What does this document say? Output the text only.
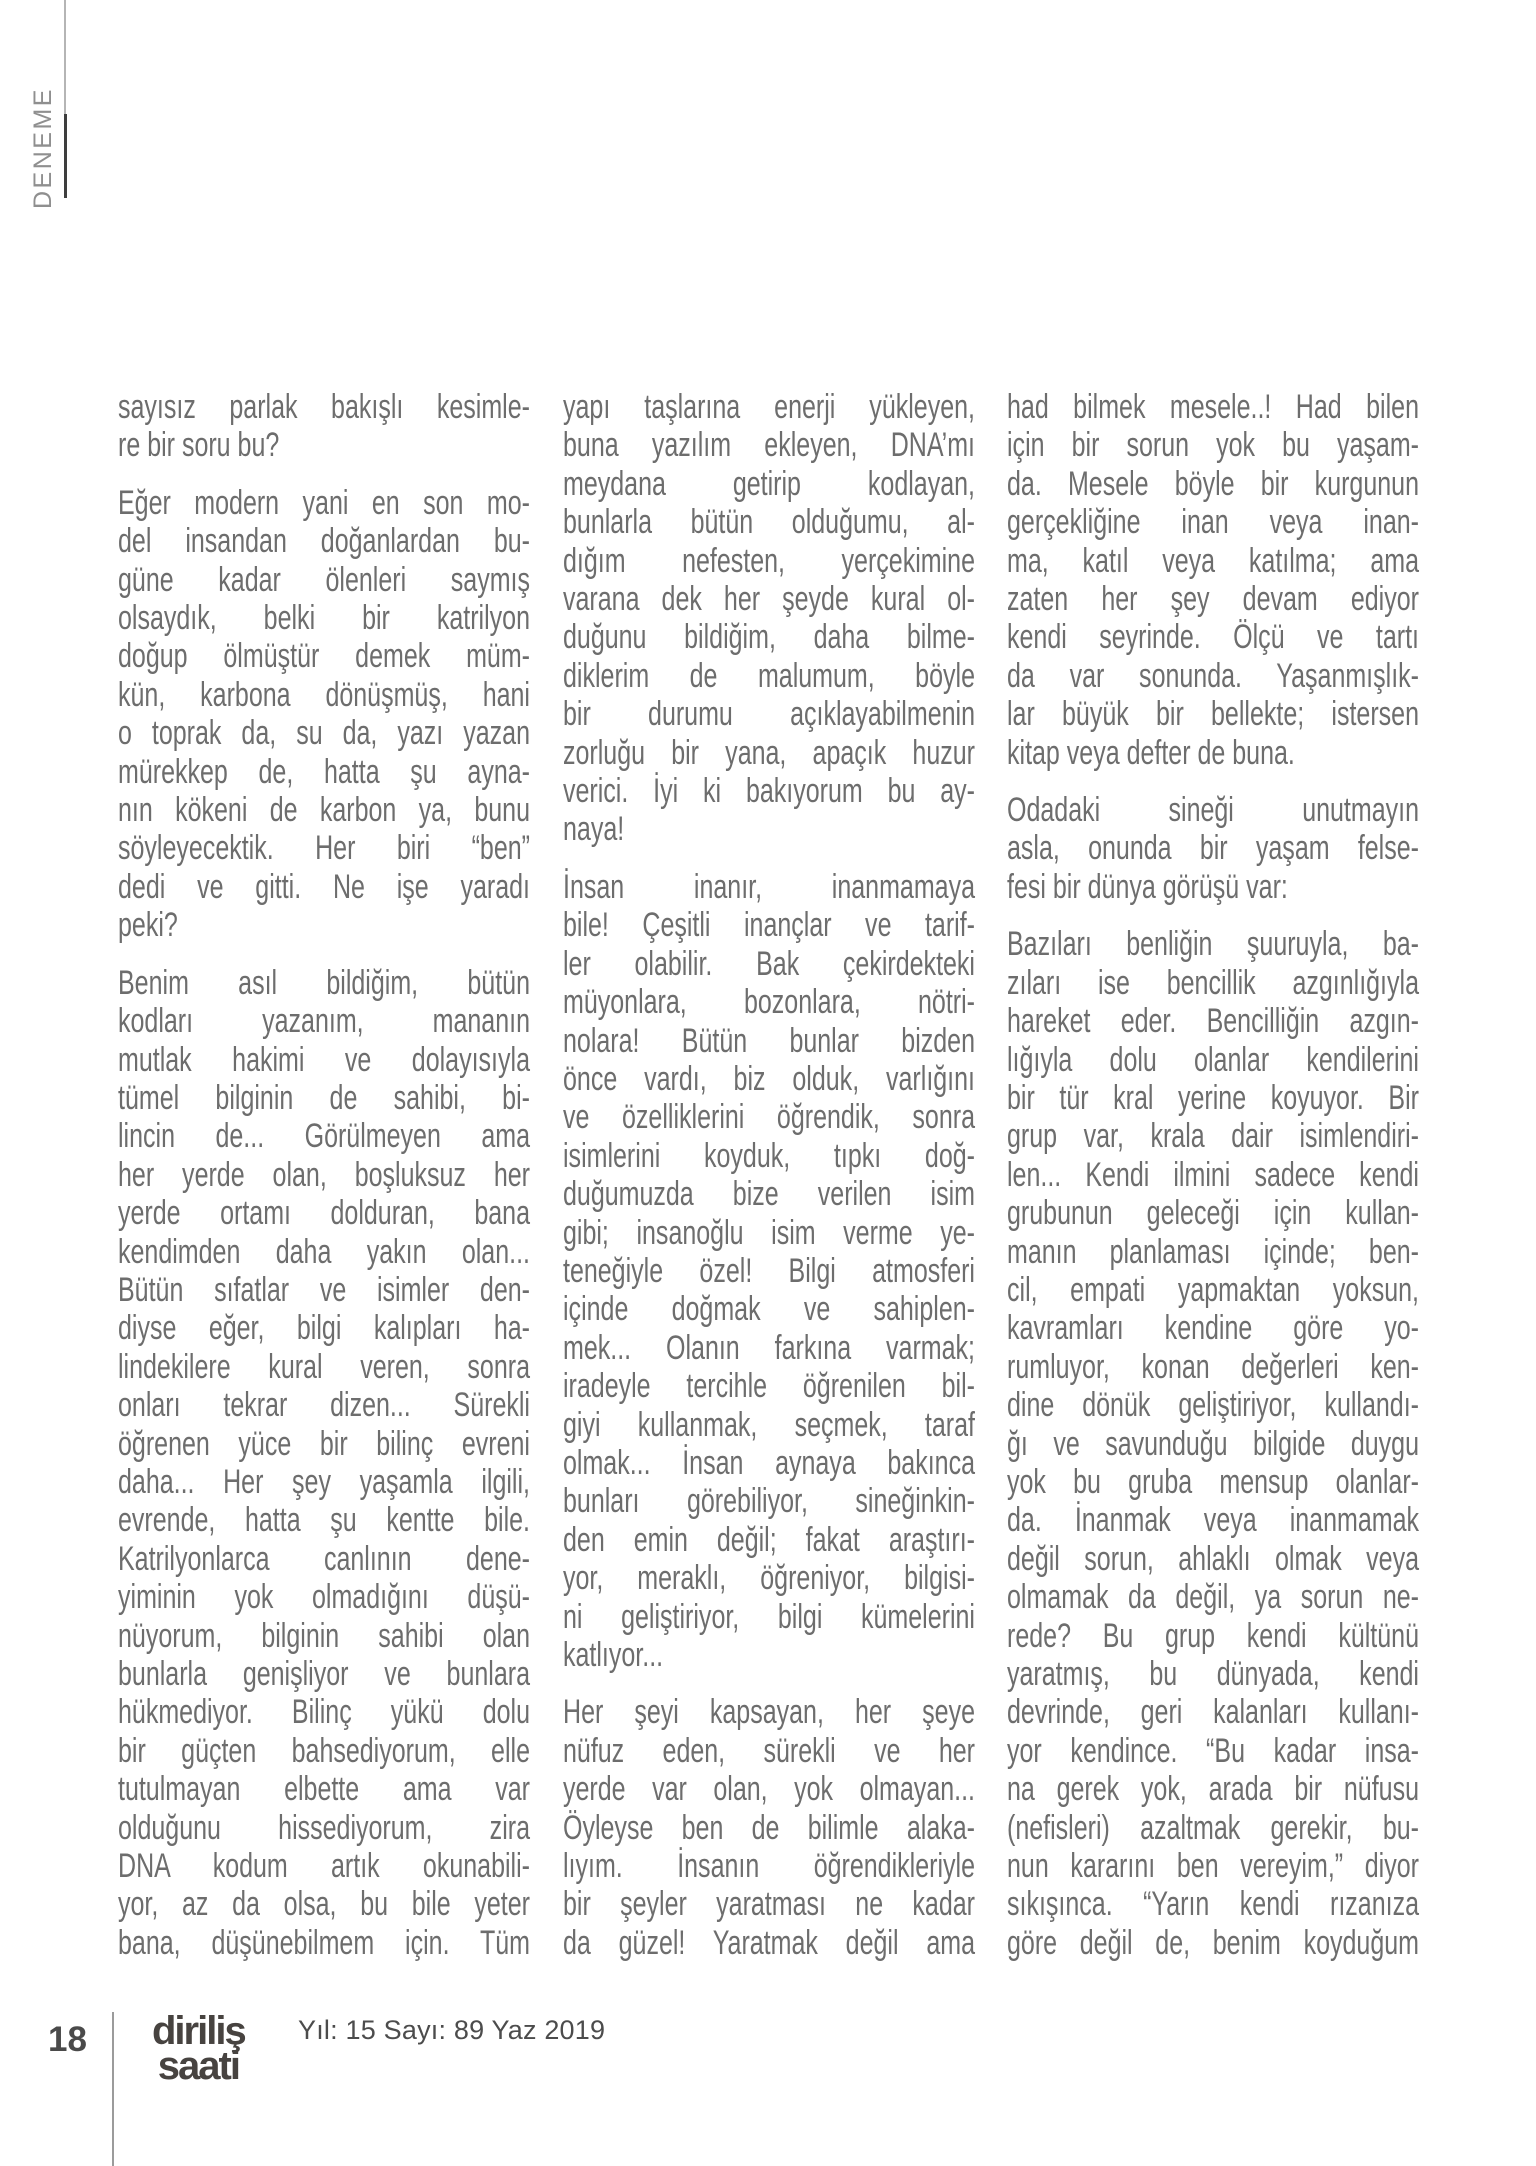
DENEME
sayısız parlak bakışlı kesimle-
re bir soru bu?
Eğer modern yani en son mo-
del insandan doğanlardan bu-
güne kadar ölenleri saymış
olsaydık, belki bir katrilyon
doğup ölmüştür demek müm-
kün, karbona dönüşmüş, hani
o toprak da, su da, yazı yazan
mürekkep de, hatta şu ayna-
nın kökeni de karbon ya, bunu
söyleyecektik. Her biri “ben”
dedi ve gitti. Ne işe yaradı
peki?
Benim asıl bildiğim, bütün
kodları yazanım, mananın
mutlak hakimi ve dolayısıyla
tümel bilginin de sahibi, bi-
lincin de... Görülmeyen ama
her yerde olan, boşluksuz her
yerde ortamı dolduran, bana
kendimden daha yakın olan...
Bütün sıfatlar ve isimler den-
diyse eğer, bilgi kalıpları ha-
lindekilere kural veren, sonra
onları tekrar dizen... Sürekli
öğrenen yüce bir bilinç evreni
daha... Her şey yaşamla ilgili,
evrende, hatta şu kentte bile.
Katrilyonlarca canlının dene-
yiminin yok olmadığını düşü-
nüyorum, bilginin sahibi olan
bunlarla genişliyor ve bunlara
hükmediyor. Bilinç yükü dolu
bir güçten bahsediyorum, elle
tutulmayan elbette ama var
olduğunu hissediyorum, zira
DNA kodum artık okunabili-
yor, az da olsa, bu bile yeter
bana, düşünebilmem için. Tüm
yapı taşlarına enerji yükleyen,
buna yazılım ekleyen, DNA’mı
meydana getirip kodlayan,
bunlarla bütün olduğumu, al-
dığım nefesten, yerçekimine
varana dek her şeyde kural ol-
duğunu bildiğim, daha bilme-
diklerim de malumum, böyle
bir durumu açıklayabilmenin
zorluğu bir yana, apaçık huzur
verici. İyi ki bakıyorum bu ay-
naya!
İnsan inanır, inanmamaya
bile! Çeşitli inançlar ve tarif-
ler olabilir. Bak çekirdekteki
müyonlara, bozonlara, nötri-
nolara! Bütün bunlar bizden
önce vardı, biz olduk, varlığını
ve özelliklerini öğrendik, sonra
isimlerini koyduk, tıpkı doğ-
duğumuzda bize verilen isim
gibi; insanoğlu isim verme ye-
teneğiyle özel! Bilgi atmosferi
içinde doğmak ve sahiplen-
mek... Olanın farkına varmak;
iradeyle tercihle öğrenilen bil-
giyi kullanmak, seçmek, taraf
olmak... İnsan aynaya bakınca
bunları görebiliyor, sineğinkin-
den emin değil; fakat araştırı-
yor, meraklı, öğreniyor, bilgisi-
ni geliştiriyor, bilgi kümelerini
katlıyor...
Her şeyi kapsayan, her şeye
nüfuz eden, sürekli ve her
yerde var olan, yok olmayan...
Öyleyse ben de bilimle alaka-
lıyım. İnsanın öğrendikleriyle
bir şeyler yaratması ne kadar
da güzel! Yaratmak değil ama
had bilmek mesele..! Had bilen
için bir sorun yok bu yaşam-
da. Mesele böyle bir kurgunun
gerçekliğine inan veya inan-
ma, katıl veya katılma; ama
zaten her şey devam ediyor
kendi seyrinde. Ölçü ve tartı
da var sonunda. Yaşanmışlık-
lar büyük bir bellekte; istersen
kitap veya defter de buna.
Odadaki sineği unutmayın
asla, onunda bir yaşam felse-
fesi bir dünya görüşü var:
Bazıları benliğin şuuruyla, ba-
zıları ise bencillik azgınlığıyla
hareket eder. Bencilliğin azgın-
lığıyla dolu olanlar kendilerini
bir tür kral yerine koyuyor. Bir
grup var, krala dair isimlendiri-
len... Kendi ilmini sadece kendi
grubunun geleceği için kullan-
manın planlaması içinde; ben-
cil, empati yapmaktan yoksun,
kavramları kendine göre yo-
rumluyor, konan değerleri ken-
dine dönük geliştiriyor, kullandı-
ğı ve savunduğu bilgide duygu
yok bu gruba mensup olanlar-
da. İnanmak veya inanmamak
değil sorun, ahlaklı olmak veya
olmamak da değil, ya sorun ne-
rede? Bu grup kendi kültünü
yaratmış, bu dünyada, kendi
devrinde, geri kalanları kullanı-
yor kendince. “Bu kadar insa-
na gerek yok, arada bir nüfusu
(nefisleri) azaltmak gerekir, bu-
nun kararını ben vereyim,” diyor
sıkışınca. “Yarın kendi rızanıza
göre değil de, benim koyduğum
18 diriliş
saati
Yıl: 15 Sayı: 89 Yaz 2019
